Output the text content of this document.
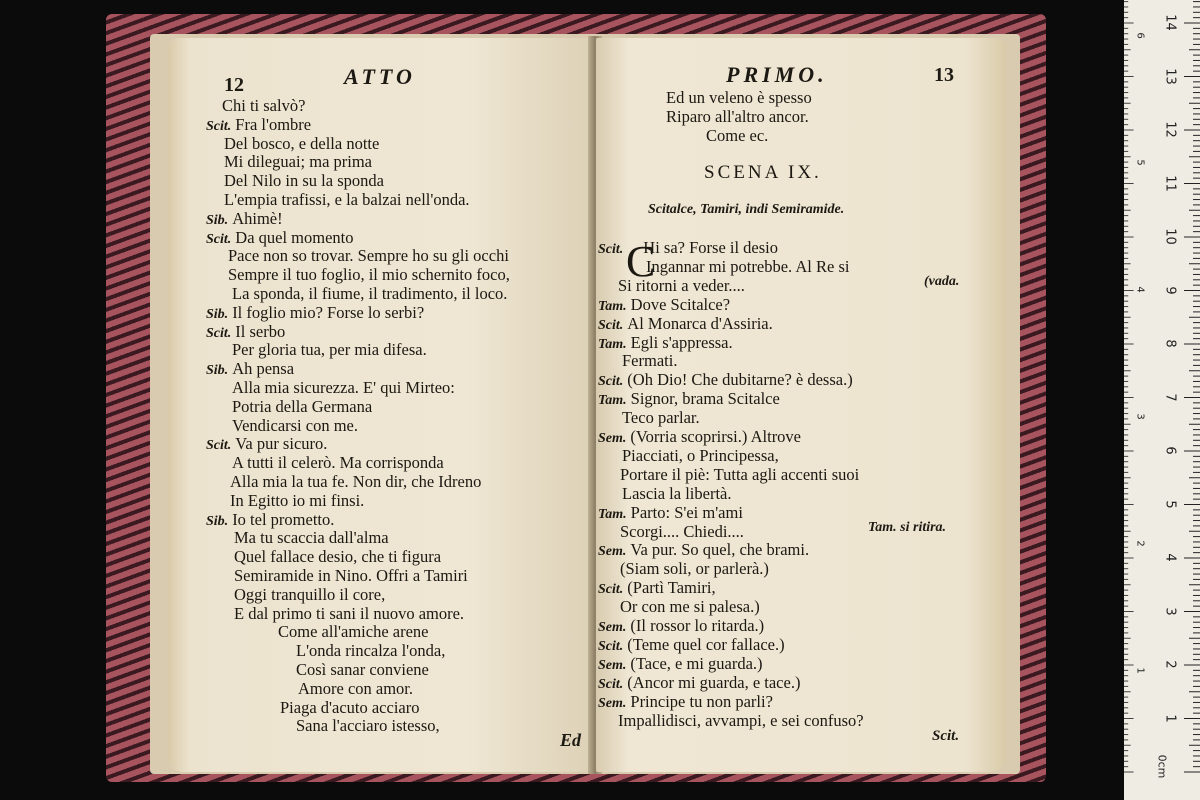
12	ATTO
Chi ti salvò?
Scit. Fra l'ombre
Del bosco, e della notte
Mi dileguai; ma prima
Del Nilo in su la sponda
L'empia trafissi, e la balzai nell'onda.
Sib. Ahimè!
Scit. Da quel momento
Pace non so trovar. Sempre ho su gli occhi
Sempre il tuo foglio, il mio schernito foco,
La sponda, il fiume, il tradimento, il loco.
Sib. Il foglio mio? Forse lo serbi?
Scit. Il serbo
Per gloria tua, per mia difesa.
Sib. Ah pensa
Alla mia sicurezza. E' qui Mirteo:
Potria della Germana
Vendicarsi con me.
Scit. Va pur sicuro.
A tutti il celerò. Ma corrisponda
Alla mia la tua fe. Non dir, che Idreno
In Egitto io mi finsi.
Sib. Io tel prometto.
Ma tu scaccia dall'alma
Quel fallace desio, che ti figura
Semiramide in Nino. Offri a Tamiri
Oggi tranquillo il core,
E dal primo ti sani il nuovo amore.
Come all'amiche arene
L'onda rincalza l'onda,
Così sanar conviene
Amore con amor.
Piaga d'acuto acciaro
Sana l'acciaro istesso,
Ed
PRIMO.	13
Ed un veleno è spesso
Riparo all'altro ancor.
Come ec.
SCENA IX.
Scitalce, Tamiri, indi Semiramide.
C
Scit. Hi sa? Forse il desio
Ingannar mi potrebbe. Al Re si
Si ritorni a veder....
Tam. Dove Scitalce?
Scit. Al Monarca d'Assiria.
Tam. Egli s'appressa.
Fermati.
Scit. (Oh Dio! Che dubitarne? è dessa.)
Tam. Signor, brama Scitalce
Teco parlar.
Sem. (Vorria scoprirsi.) Altrove
Piacciati, o Principessa,
Portare il piè: Tutta agli accenti suoi
Lascia la libertà.
Tam. Parto: S'ei m'ami
Scorgi.... Chiedi....
Sem. Va pur. So quel, che brami.
(Siam soli, or parlerà.)
Scit. (Partì Tamiri,
Or con me si palesa.)
Sem. (Il rossor lo ritarda.)
Scit. (Teme quel cor fallace.)
Sem. (Tace, e mi guarda.)
Scit. (Ancor mi guarda, e tace.)
Sem. Principe tu non parli?
Impallidisci, avvampi, e sei confuso?
(vada.
Tam. si ritira.
Scit.
1
2
3
4
5
6
7
8
9
10
11
12
13
14
1
2
3
4
5
6
0cm
